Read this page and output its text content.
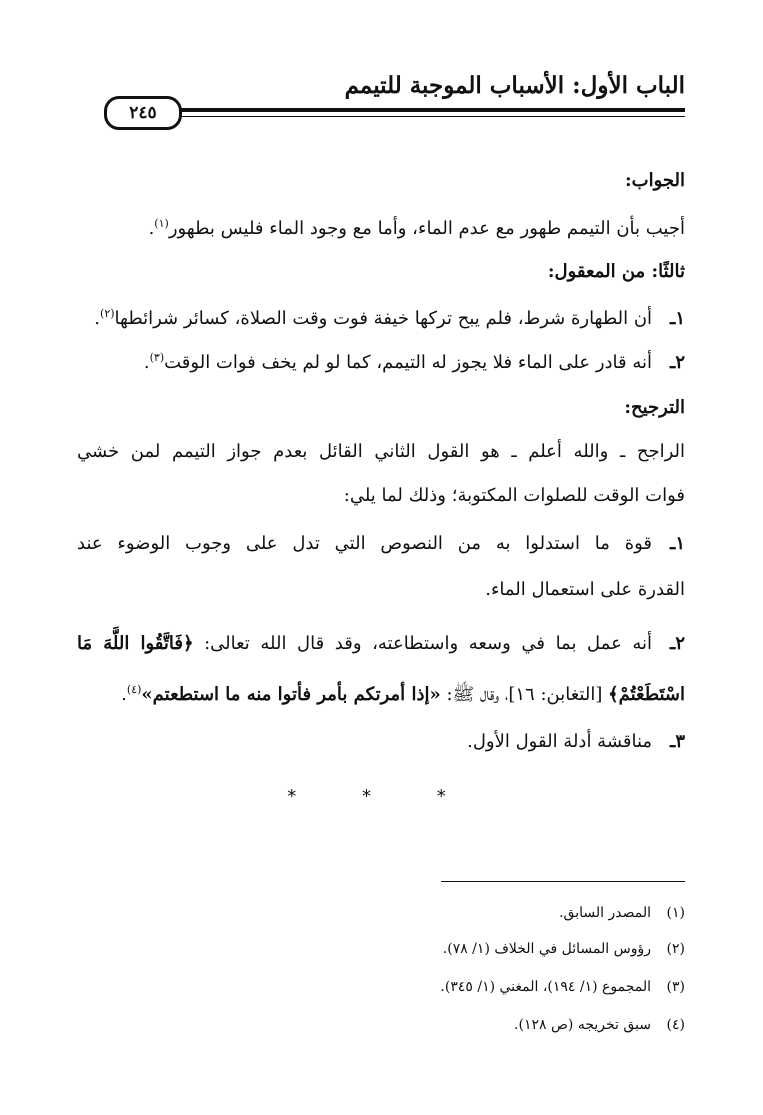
الباب الأول: الأسباب الموجبة للتيمم
٢٤٥
الجواب:
أجيب بأن التيمم طهور مع عدم الماء، وأما مع وجود الماء فليس بطهور$^{(١)}$.
ثالثًا: من المعقول:
١ـأن الطهارة شرط، فلم يبح تركها خيفة فوت وقت الصلاة، كسائر شرائطها$^{(٢)}$.
٢ـأنه قادر على الماء فلا يجوز له التيمم، كما لو لم يخف فوات الوقت$^{(٣)}$.
الترجيح:
الراجح ـ والله أعلم ـ هو القول الثاني القائل بعدم جواز التيمم لمن خشي
فوات الوقت للصلوات المكتوبة؛ وذلك لما يلي:
١ـقوة ما استدلوا به من النصوص التي تدل على وجوب الوضوء عند
القدرة على استعمال الماء.
٢ـأنه عمل بما في وسعه واستطاعته، وقد قال الله تعالى: ﴿فَاتَّقُوا اللَّهَ مَا
اسْتَطَعْتُمْ﴾ [التغابن: ١٦]، وقال ﷺ: «إذا أمرتكم بأمر فأتوا منه ما استطعتم»$^{(٤)}$.
٣ـمناقشة أدلة القول الأول.
* * *
(١)المصدر السابق.
(٢)رؤوس المسائل في الخلاف (١/ ٧٨).
(٣)المجموع (١/ ١٩٤)، المغني (١/ ٣٤٥).
(٤)سبق تخريجه (ص ١٢٨).
